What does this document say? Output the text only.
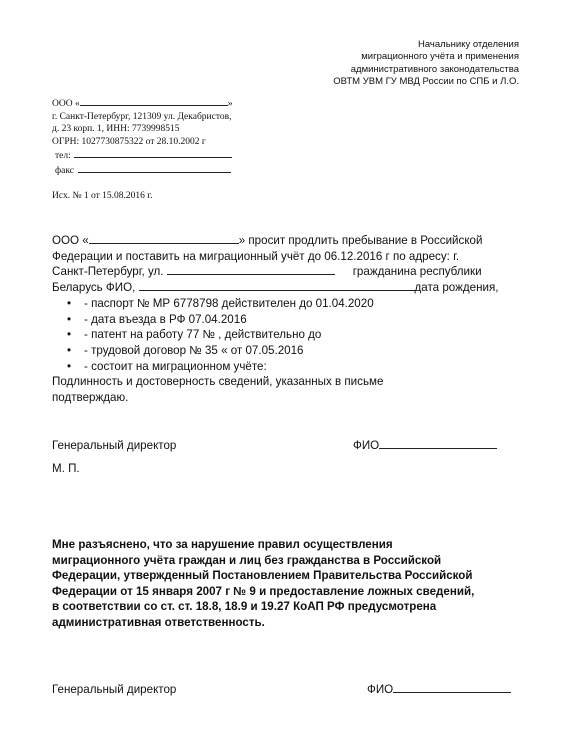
Начальнику отделения
миграционного учёта и применения
административного законодательства
ОВТМ УВМ ГУ МВД России по СПБ и Л.О.
ООО «	»
г. Санкт-Петербург, 121309 ул. Декабристов,
д. 23 корп. 1, ИНН: 7739998515
ОГРН: 1027730875322 от 28.10.2002 г
тел:
факс
Исх. № 1 от 15.08.2016 г.
ООО «	» просит продлить пребывание в Российской
Федерации и поставить на миграционный учёт до 06.12.2016 г по адресу: г.
Санкт-Петербург, ул.	гражданина республики
Беларусь ФИО,	дата рождения,
• - паспорт № МР 6778798 действителен до 01.04.2020
• - дата въезда в РФ 07.04.2016
• - патент на работу 77 № , действительно до
• - трудовой договор № 35 « от 07.05.2016
• - состоит на миграционном учёте:
Подлинность и достоверность сведений, указанных в письме
подтверждаю.
Генеральный директор	ФИО
М. П.
Мне разъяснено, что за нарушение правил осуществления
миграционного учёта граждан и лиц без гражданства в Российской
Федерации, утвержденный Постановлением Правительства Российской
Федерации от 15 января 2007 г № 9 и предоставление ложных сведений,
в соответствии со ст. ст. 18.8, 18.9 и 19.27 КоАП РФ предусмотрена
административная ответственность.
Генеральный директор	ФИО
